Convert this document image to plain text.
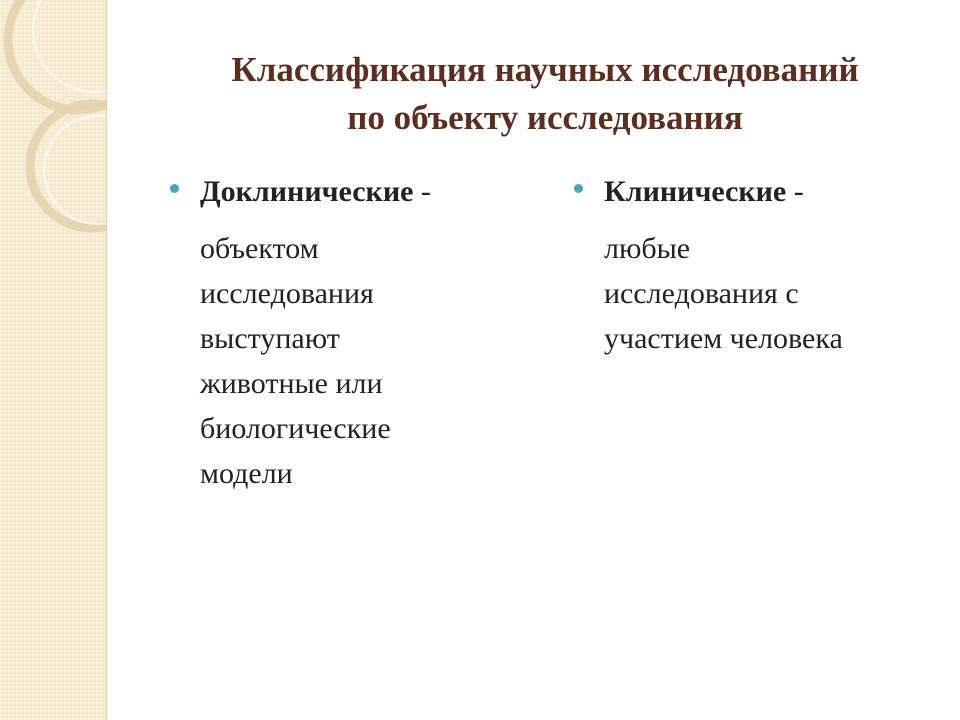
Классификация научных исследований
по объекту исследования
Доклинические -
объектом
исследования
выступают
животные или
биологические
модели
Клинические -
любые
исследования с
участием человека
